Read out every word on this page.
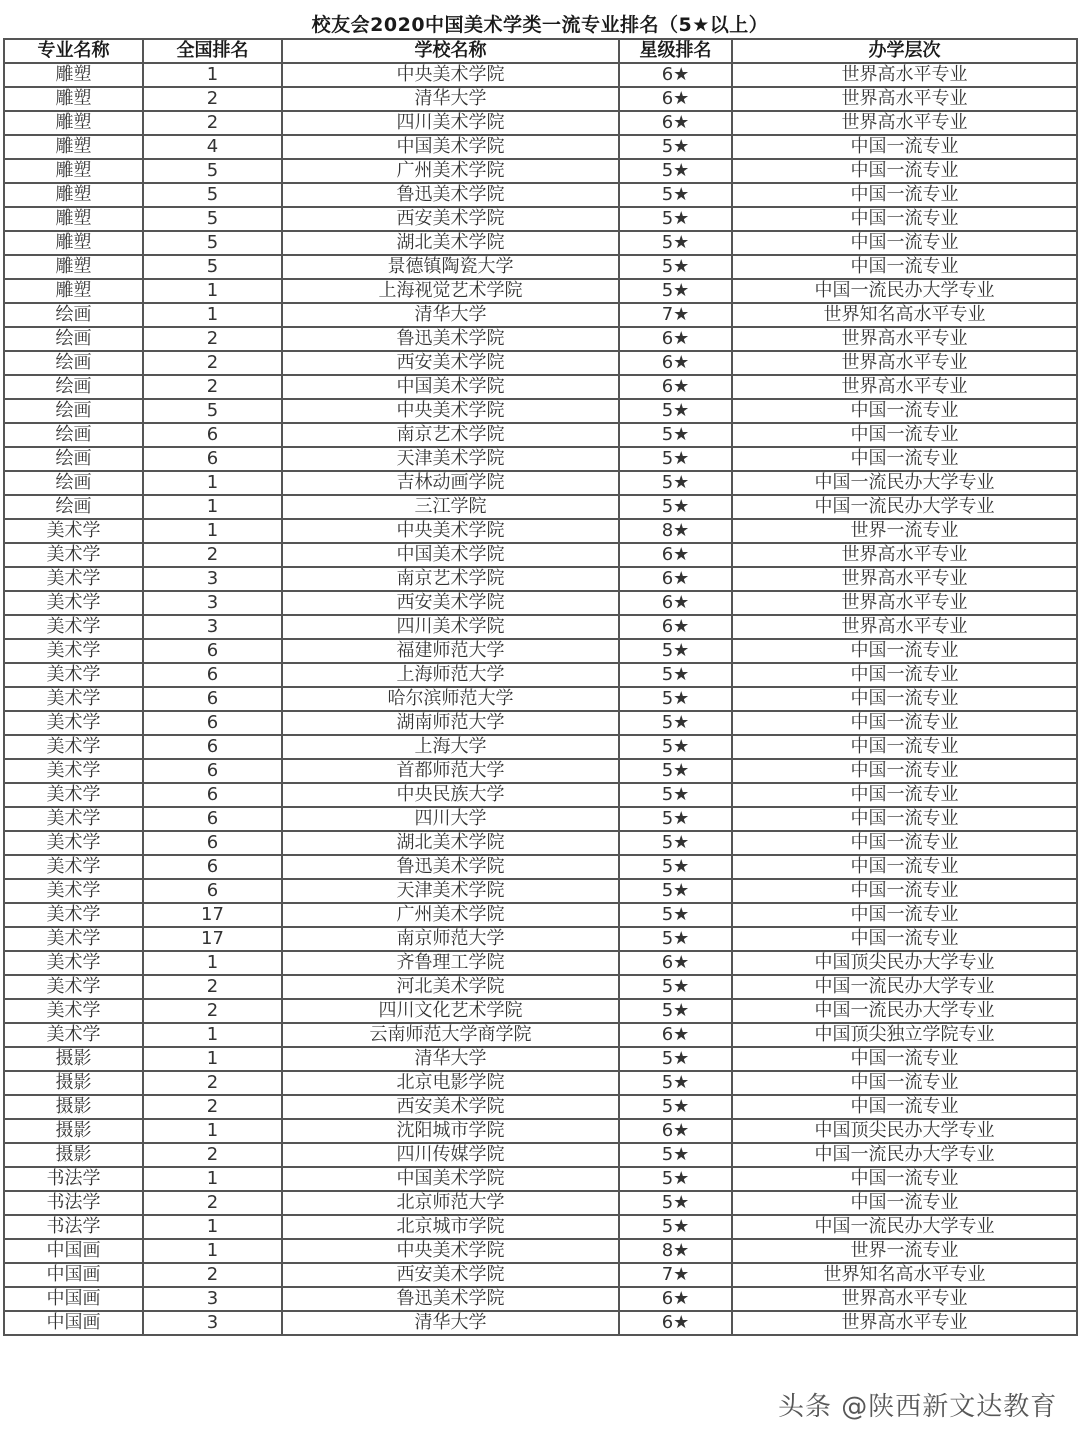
校友会2020中国美术学类一流专业排名（5★以上）
专业名称	全国排名	学校名称	星级排名	办学层次
雕塑	1	中央美术学院	6★	世界高水平专业
雕塑	2	清华大学	6★	世界高水平专业
雕塑	2	四川美术学院	6★	世界高水平专业
雕塑	4	中国美术学院	5★	中国一流专业
雕塑	5	广州美术学院	5★	中国一流专业
雕塑	5	鲁迅美术学院	5★	中国一流专业
雕塑	5	西安美术学院	5★	中国一流专业
雕塑	5	湖北美术学院	5★	中国一流专业
雕塑	5	景德镇陶瓷大学	5★	中国一流专业
雕塑	1	上海视觉艺术学院	5★	中国一流民办大学专业
绘画	1	清华大学	7★	世界知名高水平专业
绘画	2	鲁迅美术学院	6★	世界高水平专业
绘画	2	西安美术学院	6★	世界高水平专业
绘画	2	中国美术学院	6★	世界高水平专业
绘画	5	中央美术学院	5★	中国一流专业
绘画	6	南京艺术学院	5★	中国一流专业
绘画	6	天津美术学院	5★	中国一流专业
绘画	1	吉林动画学院	5★	中国一流民办大学专业
绘画	1	三江学院	5★	中国一流民办大学专业
美术学	1	中央美术学院	8★	世界一流专业
美术学	2	中国美术学院	6★	世界高水平专业
美术学	3	南京艺术学院	6★	世界高水平专业
美术学	3	西安美术学院	6★	世界高水平专业
美术学	3	四川美术学院	6★	世界高水平专业
美术学	6	福建师范大学	5★	中国一流专业
美术学	6	上海师范大学	5★	中国一流专业
美术学	6	哈尔滨师范大学	5★	中国一流专业
美术学	6	湖南师范大学	5★	中国一流专业
美术学	6	上海大学	5★	中国一流专业
美术学	6	首都师范大学	5★	中国一流专业
美术学	6	中央民族大学	5★	中国一流专业
美术学	6	四川大学	5★	中国一流专业
美术学	6	湖北美术学院	5★	中国一流专业
美术学	6	鲁迅美术学院	5★	中国一流专业
美术学	6	天津美术学院	5★	中国一流专业
美术学	17	广州美术学院	5★	中国一流专业
美术学	17	南京师范大学	5★	中国一流专业
美术学	1	齐鲁理工学院	6★	中国顶尖民办大学专业
美术学	2	河北美术学院	5★	中国一流民办大学专业
美术学	2	四川文化艺术学院	5★	中国一流民办大学专业
美术学	1	云南师范大学商学院	6★	中国顶尖独立学院专业
摄影	1	清华大学	5★	中国一流专业
摄影	2	北京电影学院	5★	中国一流专业
摄影	2	西安美术学院	5★	中国一流专业
摄影	1	沈阳城市学院	6★	中国顶尖民办大学专业
摄影	2	四川传媒学院	5★	中国一流民办大学专业
书法学	1	中国美术学院	5★	中国一流专业
书法学	2	北京师范大学	5★	中国一流专业
书法学	1	北京城市学院	5★	中国一流民办大学专业
中国画	1	中央美术学院	8★	世界一流专业
中国画	2	西安美术学院	7★	世界知名高水平专业
中国画	3	鲁迅美术学院	6★	世界高水平专业
中国画	3	清华大学	6★	世界高水平专业
头条 @陕西新文达教育
